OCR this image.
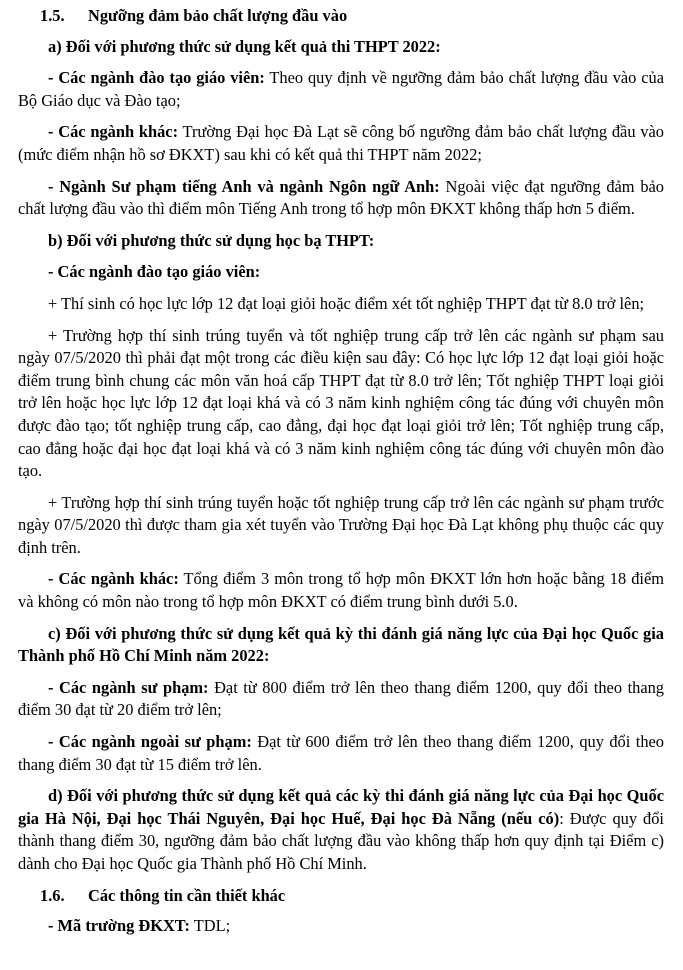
1.5. Ngưỡng đảm bảo chất lượng đầu vào

a) Đối với phương thức sử dụng kết quả thi THPT 2022:

- Các ngành đào tạo giáo viên: Theo quy định về ngưỡng đảm bảo chất lượng đầu vào của Bộ Giáo dục và Đào tạo;

- Các ngành khác: Trường Đại học Đà Lạt sẽ công bố ngưỡng đảm bảo chất lượng đầu vào (mức điểm nhận hồ sơ ĐKXT) sau khi có kết quả thi THPT năm 2022;

- Ngành Sư phạm tiếng Anh và ngành Ngôn ngữ Anh: Ngoài việc đạt ngưỡng đảm bảo chất lượng đầu vào thì điểm môn Tiếng Anh trong tổ hợp môn ĐKXT không thấp hơn 5 điểm.

b) Đối với phương thức sử dụng học bạ THPT:

- Các ngành đào tạo giáo viên:

+ Thí sinh có học lực lớp 12 đạt loại giỏi hoặc điểm xét tốt nghiệp THPT đạt từ 8.0 trở lên;

+ Trường hợp thí sinh trúng tuyển và tốt nghiệp trung cấp trở lên các ngành sư phạm sau ngày 07/5/2020 thì phải đạt một trong các điều kiện sau đây: Có học lực lớp 12 đạt loại giỏi hoặc điểm trung bình chung các môn văn hoá cấp THPT đạt từ 8.0 trở lên; Tốt nghiệp THPT loại giỏi trở lên hoặc học lực lớp 12 đạt loại khá và có 3 năm kinh nghiệm công tác đúng với chuyên môn được đào tạo; tốt nghiệp trung cấp, cao đẳng, đại học đạt loại giỏi trở lên; Tốt nghiệp trung cấp, cao đẳng hoặc đại học đạt loại khá và có 3 năm kinh nghiệm công tác đúng với chuyên môn đào tạo.

+ Trường hợp thí sinh trúng tuyển hoặc tốt nghiệp trung cấp trở lên các ngành sư phạm trước ngày 07/5/2020 thì được tham gia xét tuyển vào Trường Đại học Đà Lạt không phụ thuộc các quy định trên.

- Các ngành khác: Tổng điểm 3 môn trong tổ hợp môn ĐKXT lớn hơn hoặc bằng 18 điểm và không có môn nào trong tổ hợp môn ĐKXT có điểm trung bình dưới 5.0.

c) Đối với phương thức sử dụng kết quả kỳ thi đánh giá năng lực của Đại học Quốc gia Thành phố Hồ Chí Minh năm 2022:

- Các ngành sư phạm: Đạt từ 800 điểm trở lên theo thang điểm 1200, quy đổi theo thang điểm 30 đạt từ 20 điểm trở lên;

- Các ngành ngoài sư phạm: Đạt từ 600 điểm trở lên theo thang điểm 1200, quy đổi theo thang điểm 30 đạt từ 15 điểm trở lên.

d) Đối với phương thức sử dụng kết quả các kỳ thi đánh giá năng lực của Đại học Quốc gia Hà Nội, Đại học Thái Nguyên, Đại học Huế, Đại học Đà Nẵng (nếu có): Được quy đổi thành thang điểm 30, ngưỡng đảm bảo chất lượng đầu vào không thấp hơn quy định tại Điểm c) dành cho Đại học Quốc gia Thành phố Hồ Chí Minh.

1.6. Các thông tin cần thiết khác

- Mã trường ĐKXT: TDL;
